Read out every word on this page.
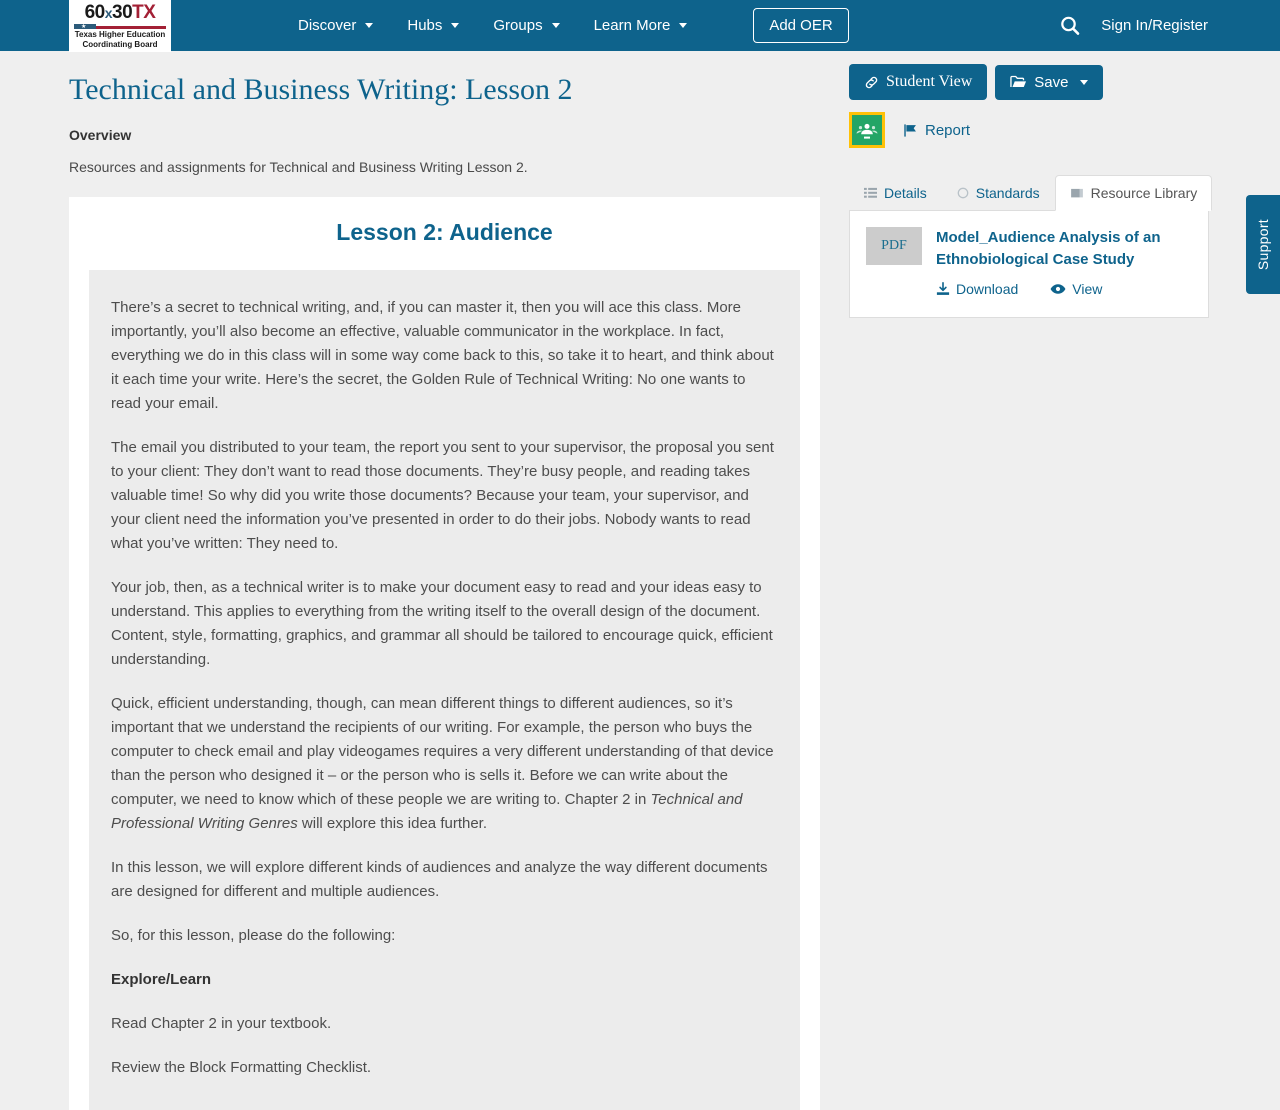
60 x 30 TX
★
Texas Higher Education
Coordinating Board
Discover	Hubs	Groups	Learn More	Add OER	Sign In/Register
Technical and Business Writing: Lesson 2
Overview
Resources and assignments for Technical and Business Writing Lesson 2.
Lesson 2: Audience

There’s a secret to technical writing, and, if you can master it, then you will ace this class. More importantly, you’ll also become an effective, valuable communicator in the workplace. In fact, everything we do in this class will in some way come back to this, so take it to heart, and think about it each time your write. Here’s the secret, the Golden Rule of Technical Writing: No one wants to read your email.

The email you distributed to your team, the report you sent to your supervisor, the proposal you sent to your client: They don’t want to read those documents. They’re busy people, and reading takes valuable time! So why did you write those documents? Because your team, your supervisor, and your client need the information you’ve presented in order to do their jobs. Nobody wants to read what you’ve written: They need to.

Your job, then, as a technical writer is to make your document easy to read and your ideas easy to understand. This applies to everything from the writing itself to the overall design of the document. Content, style, formatting, graphics, and grammar all should be tailored to encourage quick, efficient understanding.

Quick, efficient understanding, though, can mean different things to different audiences, so it’s important that we understand the recipients of our writing. For example, the person who buys the computer to check email and play videogames requires a very different understanding of that device than the person who designed it – or the person who is sells it. Before we can write about the computer, we need to know which of these people we are writing to. Chapter 2 in Technical and Professional Writing Genres will explore this idea further.

In this lesson, we will explore different kinds of audiences and analyze the way different documents are designed for different and multiple audiences.

So, for this lesson, please do the following:

Explore/Learn

Read Chapter 2 in your textbook.

Review the Block Formatting Checklist.

Student View	Save
Report
Details	Standards	Resource Library
PDF	Model_Audience Analysis of an Ethnobiological Case Study
Download	View
Support
